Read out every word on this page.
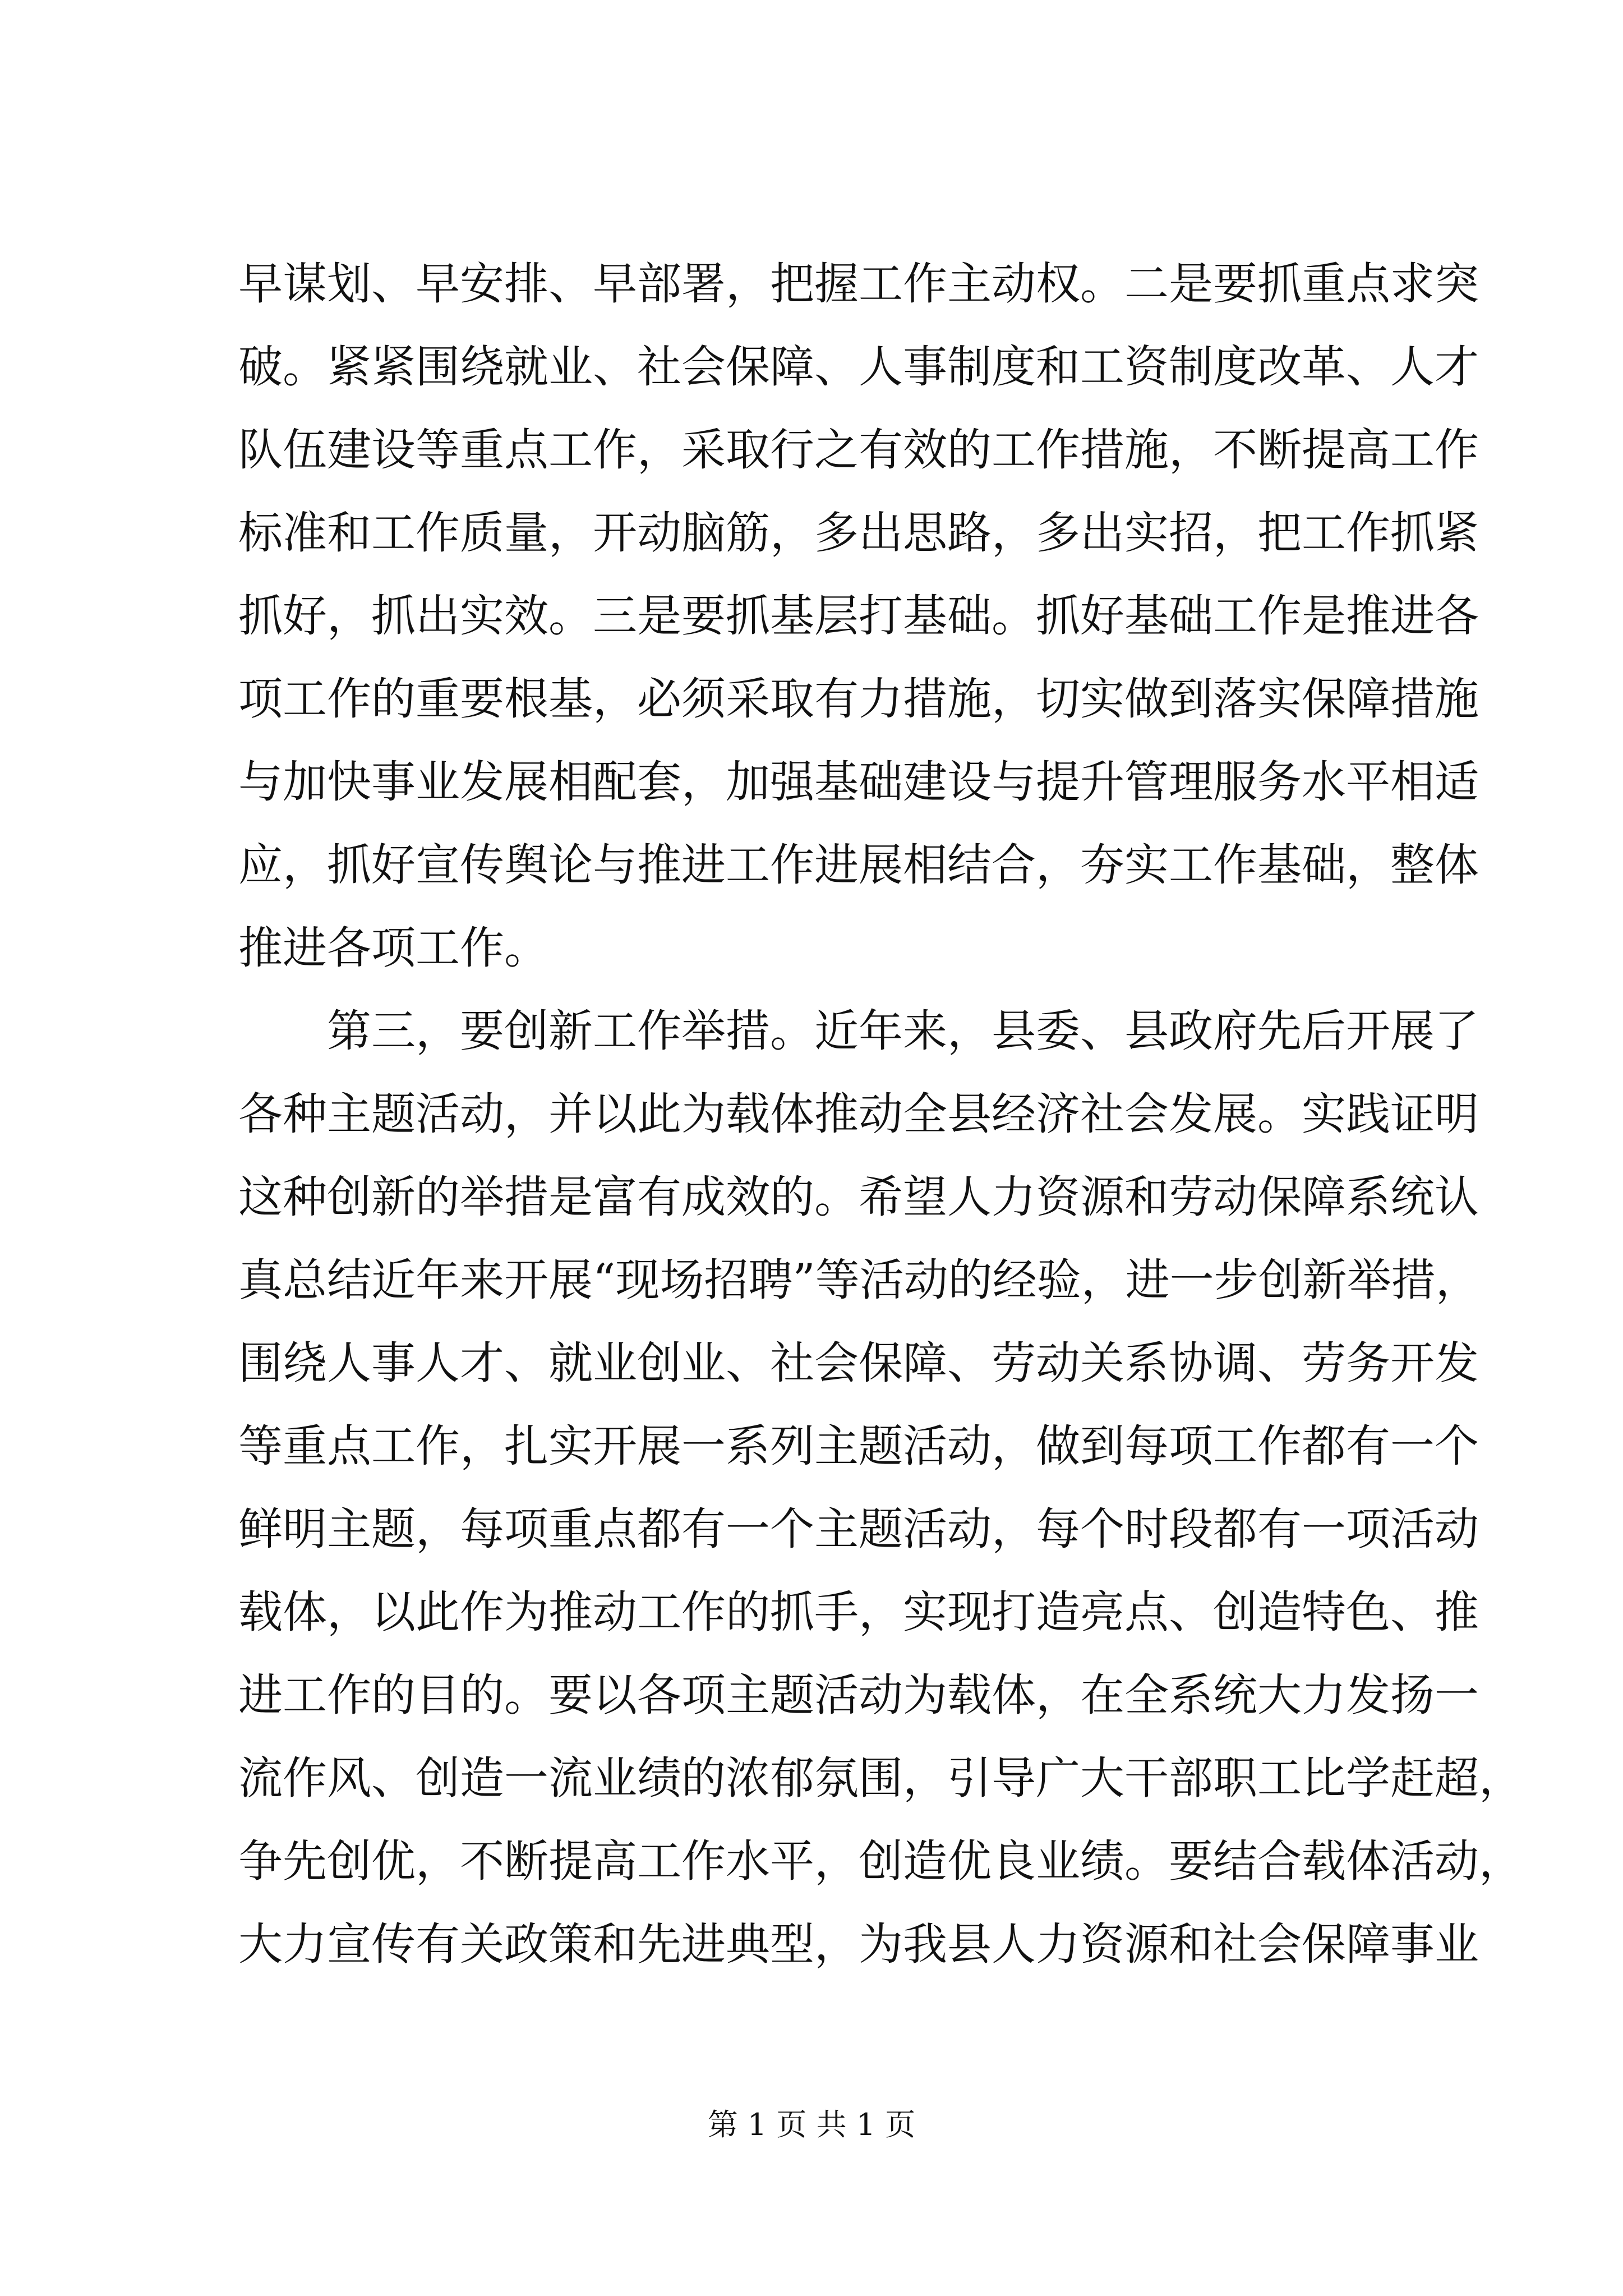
早谋划、早安排、早部署，把握工作主动权。二是要抓重点求突
破。紧紧围绕就业、社会保障、人事制度和工资制度改革、人才
队伍建设等重点工作，采取行之有效的工作措施，不断提高工作
标准和工作质量，开动脑筋，多出思路，多出实招，把工作抓紧
抓好，抓出实效。三是要抓基层打基础。抓好基础工作是推进各
项工作的重要根基，必须采取有力措施，切实做到落实保障措施
与加快事业发展相配套，加强基础建设与提升管理服务水平相适
应，抓好宣传舆论与推进工作进展相结合，夯实工作基础，整体
推进各项工作。
　　第三，要创新工作举措。近年来，县委、县政府先后开展了
各种主题活动，并以此为载体推动全县经济社会发展。实践证明
这种创新的举措是富有成效的。希望人力资源和劳动保障系统认
真总结近年来开展“现场招聘”等活动的经验，进一步创新举措，
围绕人事人才、就业创业、社会保障、劳动关系协调、劳务开发
等重点工作，扎实开展一系列主题活动，做到每项工作都有一个
鲜明主题，每项重点都有一个主题活动，每个时段都有一项活动
载体，以此作为推动工作的抓手，实现打造亮点、创造特色、推
进工作的目的。要以各项主题活动为载体，在全系统大力发扬一
流作风、创造一流业绩的浓郁氛围，引导广大干部职工比学赶超，
争先创优，不断提高工作水平，创造优良业绩。要结合载体活动，
大力宣传有关政策和先进典型，为我县人力资源和社会保障事业
第 1 页 共 1 页
